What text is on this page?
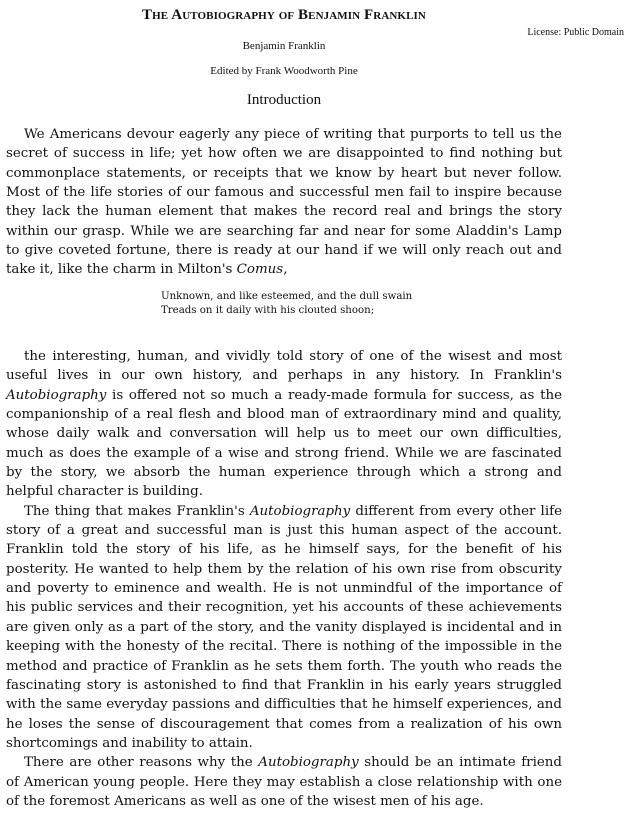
The Autobiography of Benjamin Franklin
License: Public Domain
Benjamin Franklin
Edited by Frank Woodworth Pine
Introduction

We Americans devour eagerly any piece of writing that purports to tell us the secret of success in life; yet how often we are disappointed to find nothing but commonplace statements, or receipts that we know by heart but never follow. Most of the life stories of our famous and successful men fail to inspire because they lack the human element that makes the record real and brings the story within our grasp. While we are searching far and near for some Aladdin's Lamp to give coveted fortune, there is ready at our hand if we will only reach out and take it, like the charm in Milton's Comus,

Unknown, and like esteemed, and the dull swain
Treads on it daily with his clouted shoon;

the interesting, human, and vividly told story of one of the wisest and most useful lives in our own history, and perhaps in any history. In Franklin's Autobiography is offered not so much a ready-made formula for success, as the companionship of a real flesh and blood man of extraordinary mind and quality, whose daily walk and conversation will help us to meet our own difficulties, much as does the example of a wise and strong friend. While we are fascinated by the story, we absorb the human experience through which a strong and helpful character is building.

The thing that makes Franklin's Autobiography different from every other life story of a great and successful man is just this human aspect of the account. Franklin told the story of his life, as he himself says, for the benefit of his posterity. He wanted to help them by the relation of his own rise from obscurity and poverty to eminence and wealth. He is not unmindful of the importance of his public services and their recognition, yet his accounts of these achievements are given only as a part of the story, and the vanity displayed is incidental and in keeping with the honesty of the recital. There is nothing of the impossible in the method and practice of Franklin as he sets them forth. The youth who reads the fascinating story is astonished to find that Franklin in his early years struggled with the same everyday passions and difficulties that he himself experiences, and he loses the sense of discouragement that comes from a realization of his own shortcomings and inability to attain.

There are other reasons why the Autobiography should be an intimate friend of American young people. Here they may establish a close relationship with one of the foremost Americans as well as one of the wisest men of his age.
